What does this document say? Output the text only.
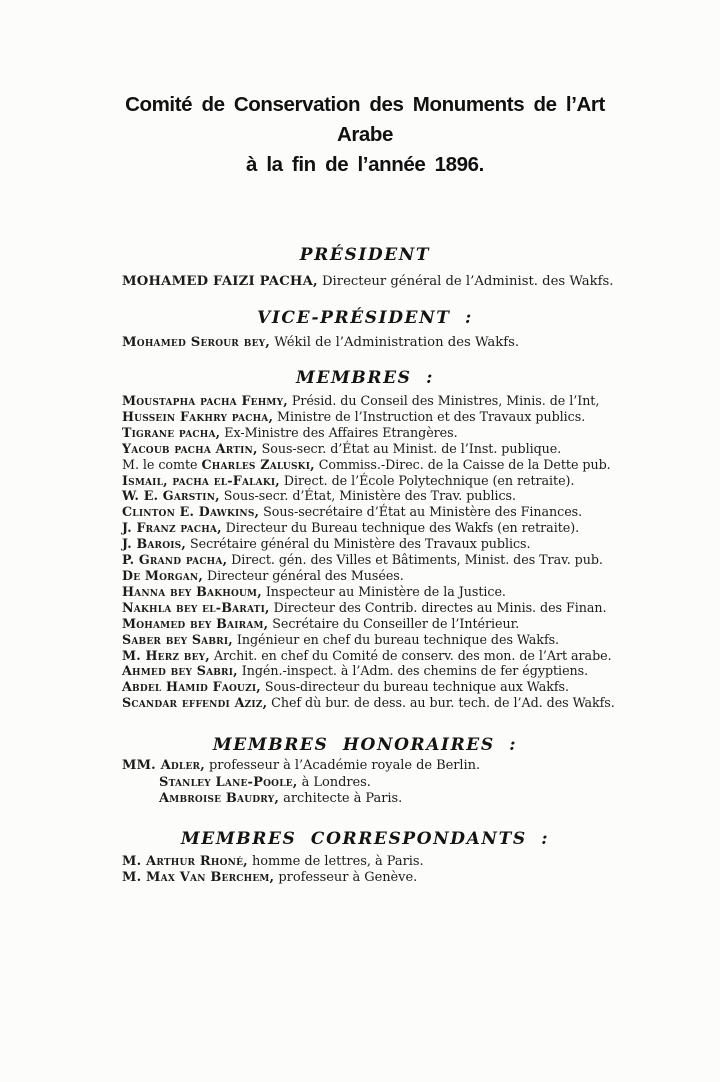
Comité de Conservation des Monuments de l’Art Arabe
à la fin de l’année 1896.
PRÉSIDENT

MOHAMED FAIZI PACHA, Directeur général de l’Administ. des Wakfs.

VICE-PRÉSIDENT :

Mohamed Serour bey, Wékil de l’Administration des Wakfs.

MEMBRES :
Moustapha pacha Fehmy, Présid. du Conseil des Ministres, Minis. de l’Int,
Hussein Fakhry pacha, Ministre de l’Instruction et des Travaux publics.
Tigrane pacha, Ex-Ministre des Affaires Etrangères.
Yacoub pacha Artin, Sous-secr. d’État au Minist. de l’Inst. publique.
M. le comte Charles Zaluski, Commiss.-Direc. de la Caisse de la Dette pub.
Ismail, pacha el-Falaki, Direct. de l’École Polytechnique (en retraite).
W. E. Garstin, Sous-secr. d’État, Ministère des Trav. publics.
Clinton E. Dawkins, Sous-secrétaire d’État au Ministère des Finances.
J. Franz pacha, Directeur du Bureau technique des Wakfs (en retraite).
J. Barois, Secrétaire général du Ministère des Travaux publics.
P. Grand pacha, Direct. gén. des Villes et Bâtiments, Minist. des Trav. pub.
De Morgan, Directeur général des Musées.
Hanna bey Bakhoum, Inspecteur au Ministère de la Justice.
Nakhla bey el-Barati, Directeur des Contrib. directes au Minis. des Finan.
Mohamed bey Bairam, Secrétaire du Conseiller de l’Intérieur.
Saber bey Sabri, Ingénieur en chef du bureau technique des Wakfs.
M. Herz bey, Archit. en chef du Comité de conserv. des mon. de l’Art arabe.
Ahmed bey Sabri, Ingén.-inspect. à l’Adm. des chemins de fer égyptiens.
Abdel Hamid Faouzi, Sous-directeur du bureau technique aux Wakfs.
Scandar effendi Aziz, Chef dù bur. de dess. au bur. tech. de l’Ad. des Wakfs.
MEMBRES HONORAIRES :
MM. Adler, professeur à l’Académie royale de Berlin.
Stanley Lane-Poole, à Londres.
Ambroise Baudry, architecte à Paris.
MEMBRES CORRESPONDANTS :
M. Arthur Rhoné, homme de lettres, à Paris.
M. Max Van Berchem, professeur à Genève.
